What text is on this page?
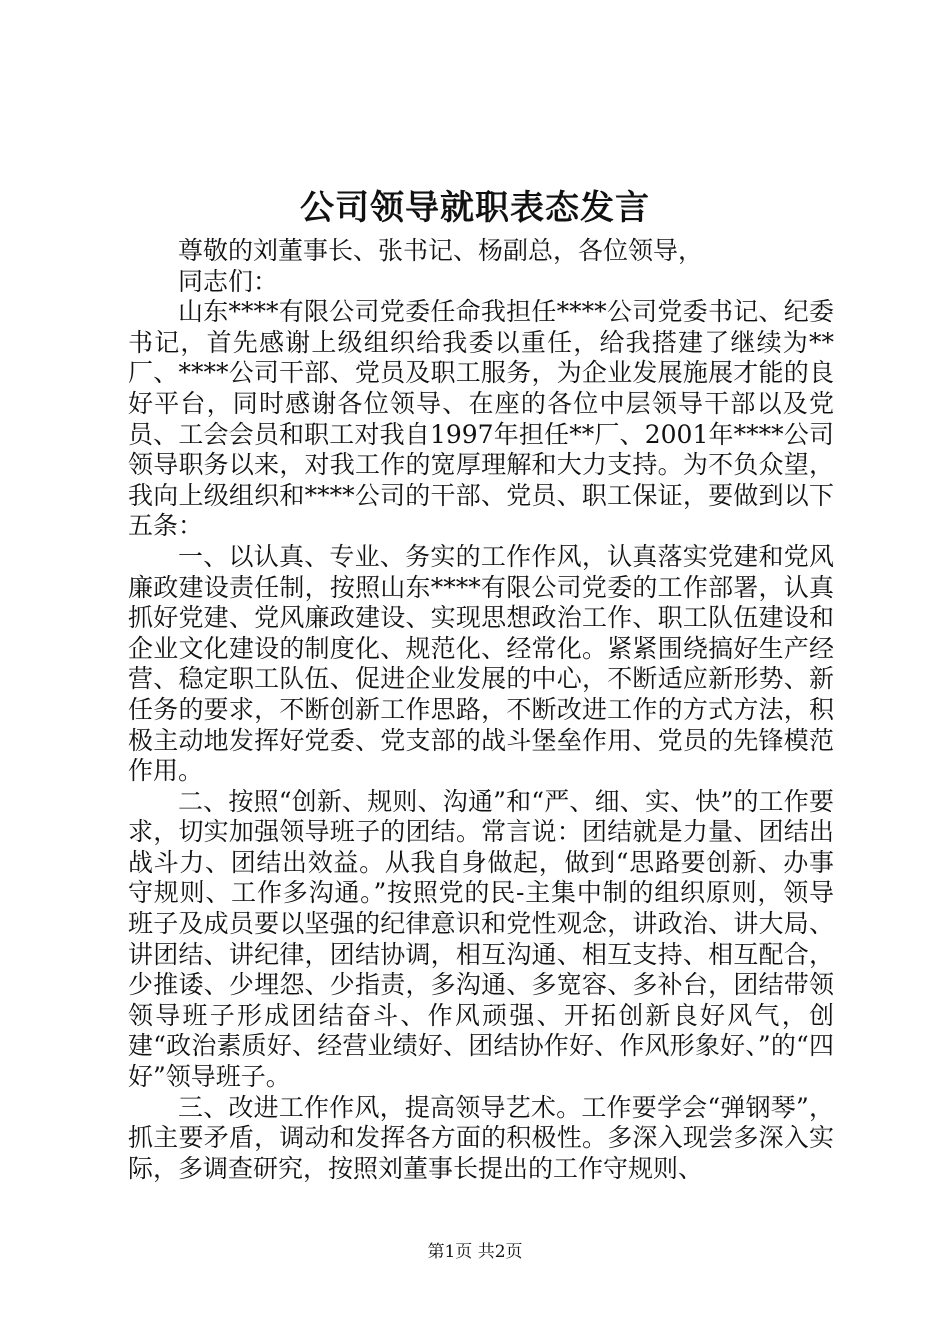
公司领导就职表态发言

尊敬的刘董事长、张书记、杨副总，各位领导，

同志们：

山东****有限公司党委任命我担任****公司党委书记、纪委书记，首先感谢上级组织给我委以重任，给我搭建了继续为**厂、****公司干部、党员及职工服务，为企业发展施展才能的良好平台，同时感谢各位领导、在座的各位中层领导干部以及党员、工会会员和职工对我自1997年担任**厂、2001年****公司领导职务以来，对我工作的宽厚理解和大力支持。为不负众望，我向上级组织和****公司的干部、党员、职工保证，要做到以下五条：

一、以认真、专业、务实的工作作风，认真落实党建和党风廉政建设责任制，按照山东****有限公司党委的工作部署，认真抓好党建、党风廉政建设、实现思想政治工作、职工队伍建设和企业文化建设的制度化、规范化、经常化。紧紧围绕搞好生产经营、稳定职工队伍、促进企业发展的中心，不断适应新形势、新任务的要求，不断创新工作思路，不断改进工作的方式方法，积极主动地发挥好党委、党支部的战斗堡垒作用、党员的先锋模范作用。

二、按照“创新、规则、沟通”和“严、细、实、快”的工作要求，切实加强领导班子的团结。常言说：团结就是力量、团结出战斗力、团结出效益。从我自身做起，做到“思路要创新、办事守规则、工作多沟通。”按照党的民-主集中制的组织原则，领导班子及成员要以坚强的纪律意识和党性观念，讲政治、讲大局、讲团结、讲纪律，团结协调，相互沟通、相互支持、相互配合，少推诿、少埋怨、少指责，多沟通、多宽容、多补台，团结带领领导班子形成团结奋斗、作风顽强、开拓创新良好风气，创建“政治素质好、经营业绩好、团结协作好、作风形象好、”的“四好”领导班子。

三、改进工作作风，提高领导艺术。工作要学会“弹钢琴”，抓主要矛盾，调动和发挥各方面的积极性。多深入现尝多深入实际，多调查研究，按照刘董事长提出的工作守规则、

第1页 共2页
